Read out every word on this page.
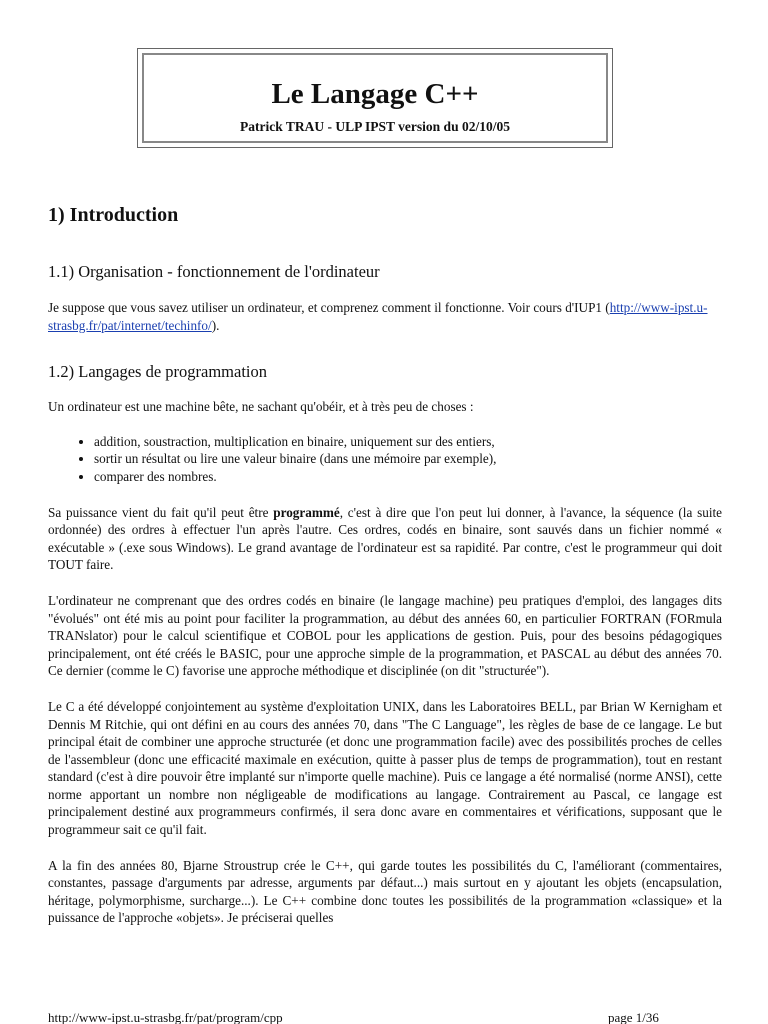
Le Langage C++

Patrick TRAU - ULP IPST version du 02/10/05

1) Introduction
1.1) Organisation - fonctionnement de l'ordinateur

Je suppose que vous savez utiliser un ordinateur, et comprenez comment il fonctionne. Voir cours d'IUP1 (http://www-ipst.u-strasbg.fr/pat/internet/techinfo/).

1.2) Langages de programmation

Un ordinateur est une machine bête, ne sachant qu'obéir, et à très peu de choses :

• addition, soustraction, multiplication en binaire, uniquement sur des entiers,
• sortir un résultat ou lire une valeur binaire (dans une mémoire par exemple),
• comparer des nombres.

Sa puissance vient du fait qu'il peut être programmé, c'est à dire que l'on peut lui donner, à l'avance, la séquence (la suite ordonnée) des ordres à effectuer l'un après l'autre. Ces ordres, codés en binaire, sont sauvés dans un fichier nommé « exécutable » (.exe sous Windows). Le grand avantage de l'ordinateur est sa rapidité. Par contre, c'est le programmeur qui doit TOUT faire.

L'ordinateur ne comprenant que des ordres codés en binaire (le langage machine) peu pratiques d'emploi, des langages dits "évolués" ont été mis au point pour faciliter la programmation, au début des années 60, en particulier FORTRAN (FORmula TRANslator) pour le calcul scientifique et COBOL pour les applications de gestion. Puis, pour des besoins pédagogiques principalement, ont été créés le BASIC, pour une approche simple de la programmation, et PASCAL au début des années 70. Ce dernier (comme le C) favorise une approche méthodique et disciplinée (on dit "structurée").

Le C a été développé conjointement au système d'exploitation UNIX, dans les Laboratoires BELL, par Brian W Kernigham et Dennis M Ritchie, qui ont défini en au cours des années 70, dans "The C Language", les règles de base de ce langage. Le but principal était de combiner une approche structurée (et donc une programmation facile) avec des possibilités proches de celles de l'assembleur (donc une efficacité maximale en exécution, quitte à passer plus de temps de programmation), tout en restant standard (c'est à dire pouvoir être implanté sur n'importe quelle machine). Puis ce langage a été normalisé (norme ANSI), cette norme apportant un nombre non négligeable de modifications au langage. Contrairement au Pascal, ce langage est principalement destiné aux programmeurs confirmés, il sera donc avare en commentaires et vérifications, supposant que le programmeur sait ce qu'il fait.

A la fin des années 80, Bjarne Stroustrup crée le C++, qui garde toutes les possibilités du C, l'améliorant (commentaires, constantes, passage d'arguments par adresse, arguments par défaut...) mais surtout en y ajoutant les objets (encapsulation, héritage, polymorphisme, surcharge...). Le C++ combine donc toutes les possibilités de la programmation «classique» et la puissance de l'approche «objets». Je préciserai quelles

http://www-ipst.u-strasbg.fr/pat/program/cpp	page 1/36
